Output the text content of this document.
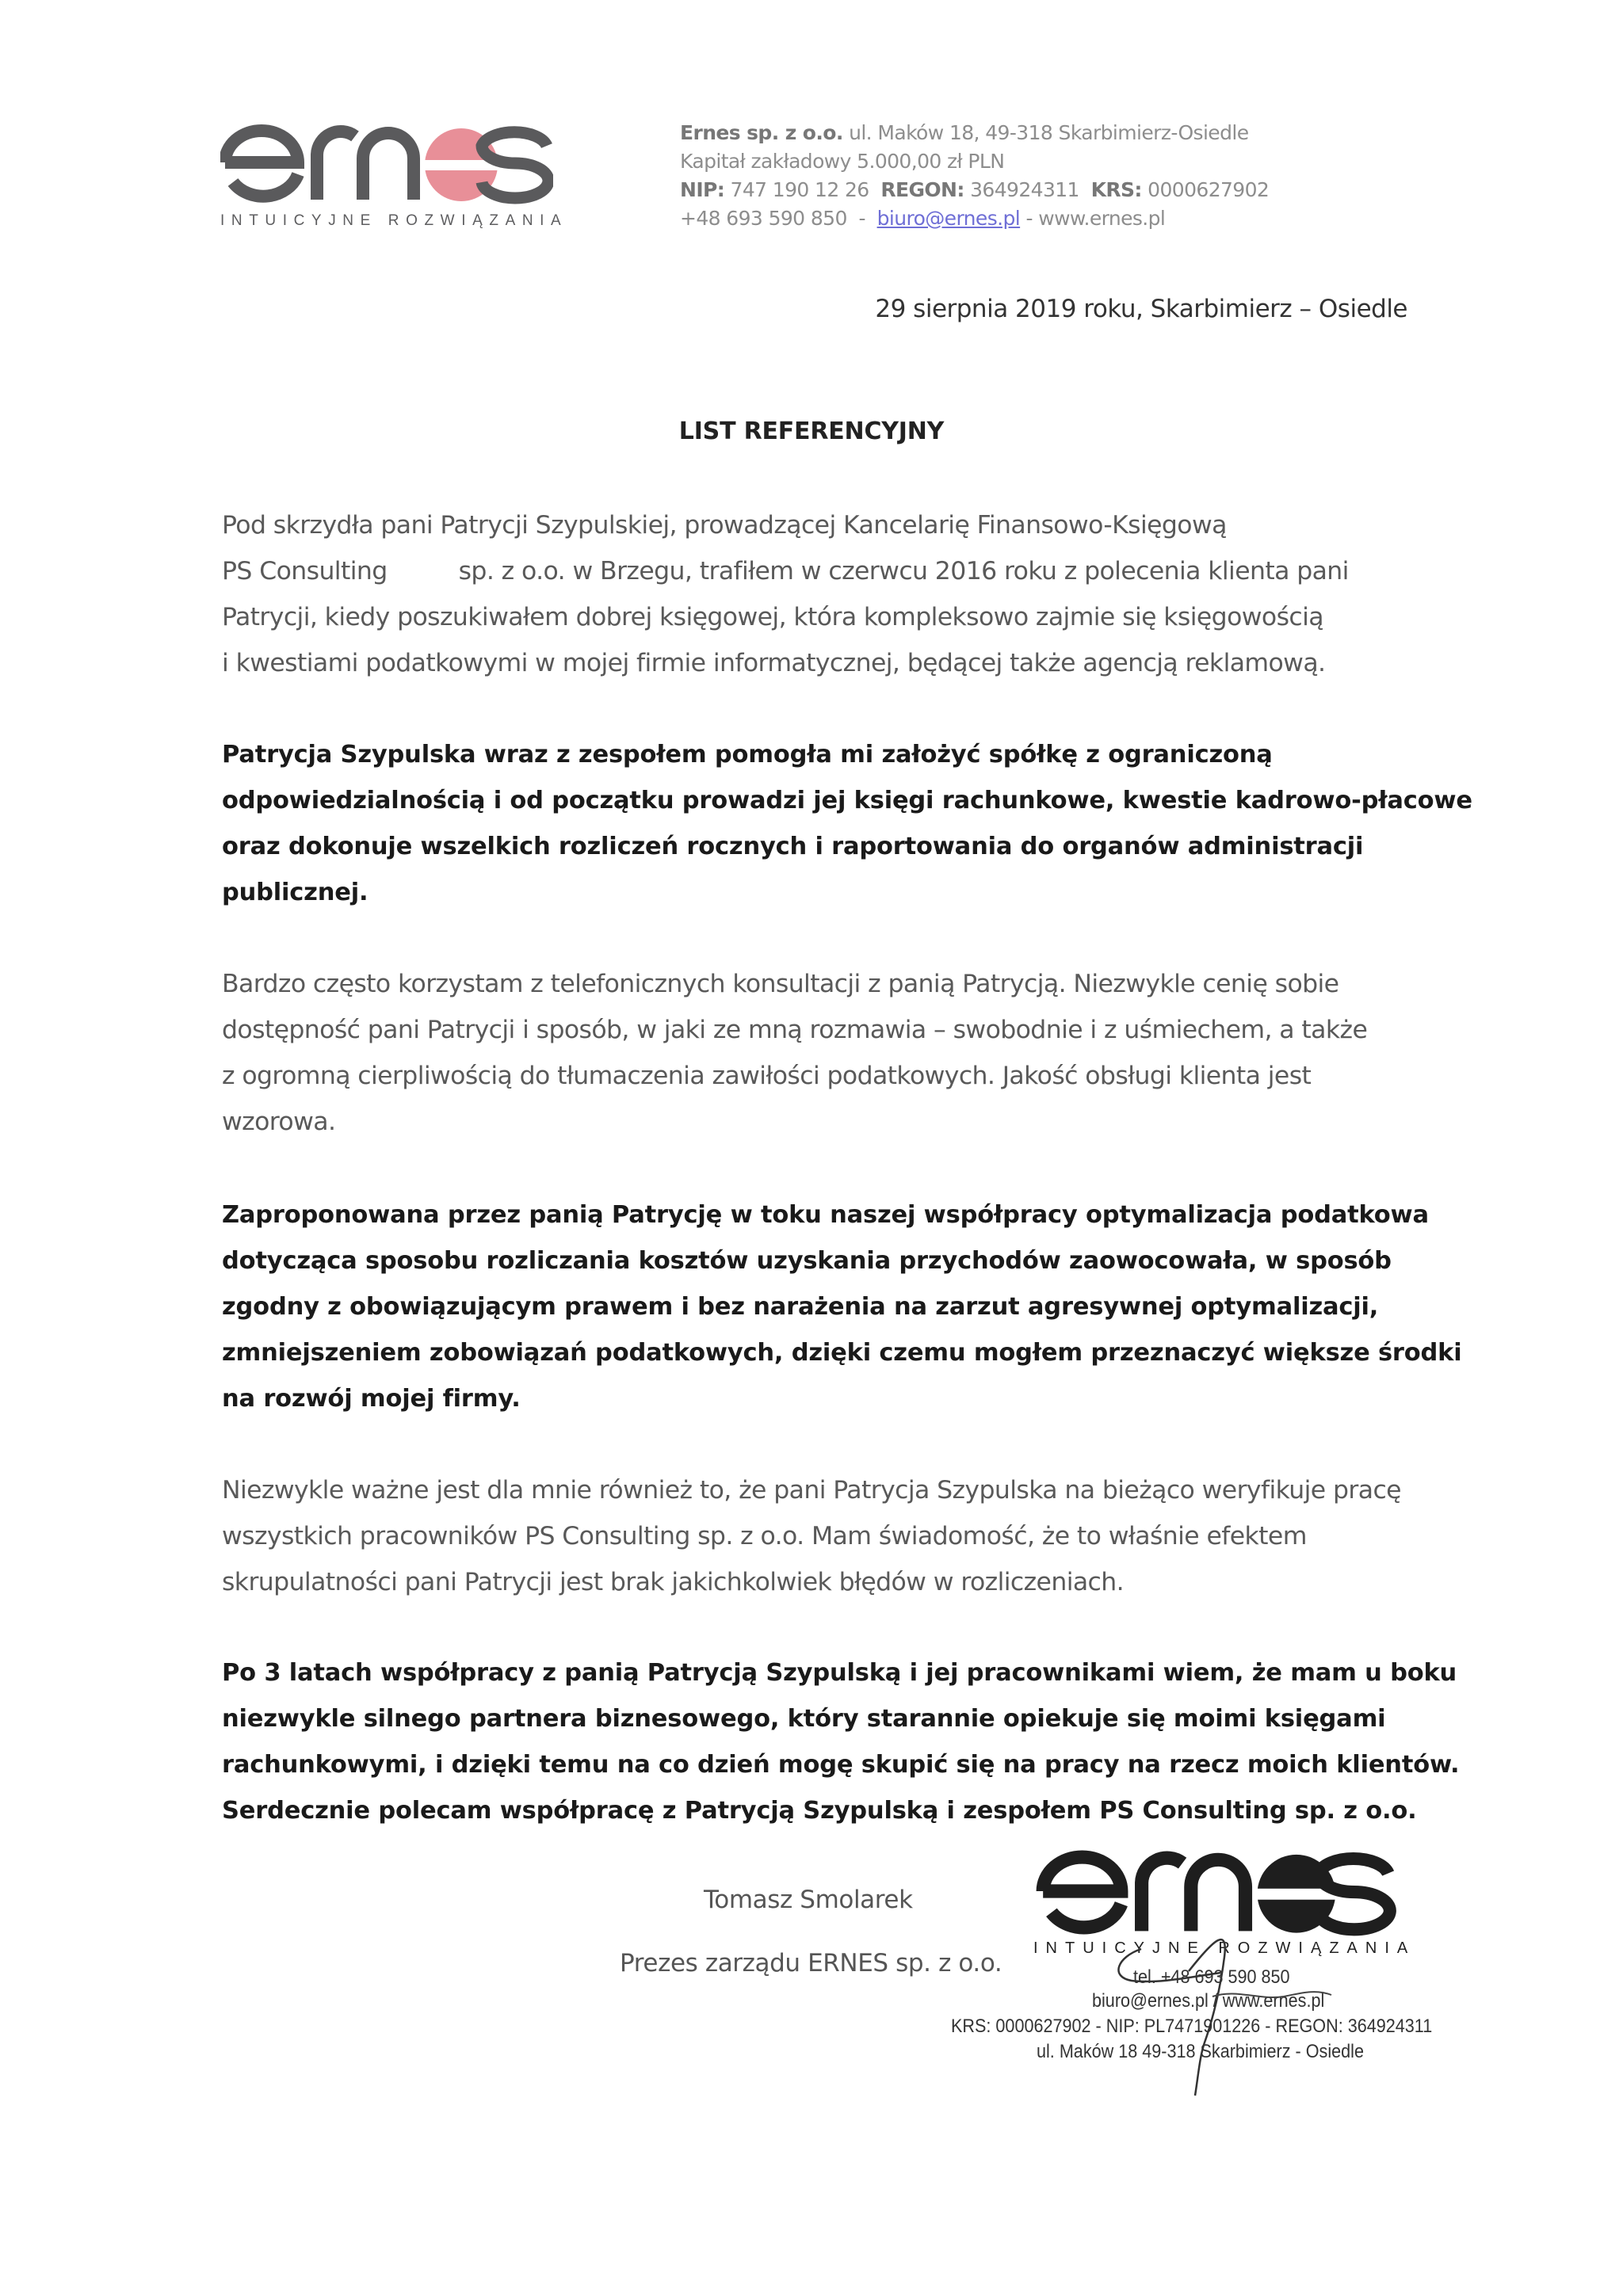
INTUICYJNE ROZWIĄZANIA
Ernes sp. z o.o. ul. Maków 18, 49-318 Skarbimierz-Osiedle
Kapitał zakładowy 5.000,00 zł PLN
NIP: 747 190 12 26 REGON: 364924311 KRS: 0000627902
+48 693 590 850  -  biuro@ernes.pl - www.ernes.pl
29 sierpnia 2019 roku, Skarbimierz – Osiedle
LIST REFERENCYJNY
Pod skrzydła pani Patrycji Szypulskiej, prowadzącej Kancelarię Finansowo-Księgową
PS Consulting	sp. z o.o. w Brzegu, trafiłem w czerwcu 2016 roku z polecenia klienta pani
Patrycji, kiedy poszukiwałem dobrej księgowej, która kompleksowo zajmie się księgowością
i kwestiami podatkowymi w mojej firmie informatycznej, będącej także agencją reklamową.
Patrycja Szypulska wraz z zespołem pomogła mi założyć spółkę z ograniczoną
odpowiedzialnością i od początku prowadzi jej księgi rachunkowe, kwestie kadrowo-płacowe
oraz dokonuje wszelkich rozliczeń rocznych i raportowania do organów administracji
publicznej.
Bardzo często korzystam z telefonicznych konsultacji z panią Patrycją. Niezwykle cenię sobie
dostępność pani Patrycji i sposób, w jaki ze mną rozmawia – swobodnie i z uśmiechem, a także
z ogromną cierpliwością do tłumaczenia zawiłości podatkowych. Jakość obsługi klienta jest
wzorowa.
Zaproponowana przez panią Patrycję w toku naszej współpracy optymalizacja podatkowa
dotycząca sposobu rozliczania kosztów uzyskania przychodów zaowocowała, w sposób
zgodny z obowiązującym prawem i bez narażenia na zarzut agresywnej optymalizacji,
zmniejszeniem zobowiązań podatkowych, dzięki czemu mogłem przeznaczyć większe środki
na rozwój mojej firmy.
Niezwykle ważne jest dla mnie również to, że pani Patrycja Szypulska na bieżąco weryfikuje pracę
wszystkich pracowników PS Consulting sp. z o.o. Mam świadomość, że to właśnie efektem
skrupulatności pani Patrycji jest brak jakichkolwiek błędów w rozliczeniach.
Po 3 latach współpracy z panią Patrycją Szypulską i jej pracownikami wiem, że mam u boku
niezwykle silnego partnera biznesowego, który starannie opiekuje się moimi księgami
rachunkowymi, i dzięki temu na co dzień mogę skupić się na pracy na rzecz moich klientów.
Serdecznie polecam współpracę z Patrycją Szypulską i zespołem PS Consulting sp. z o.o.
Tomasz Smolarek
Prezes zarządu ERNES sp. z o.o.
INTUICYJNE ROZWIĄZANIA
tel. +48 693 590 850
biuro@ernes.pl / www.ernes.pl
KRS: 0000627902 - NIP: PL7471901226 - REGON: 364924311
ul. Maków 18 49-318 Skarbimierz - Osiedle
